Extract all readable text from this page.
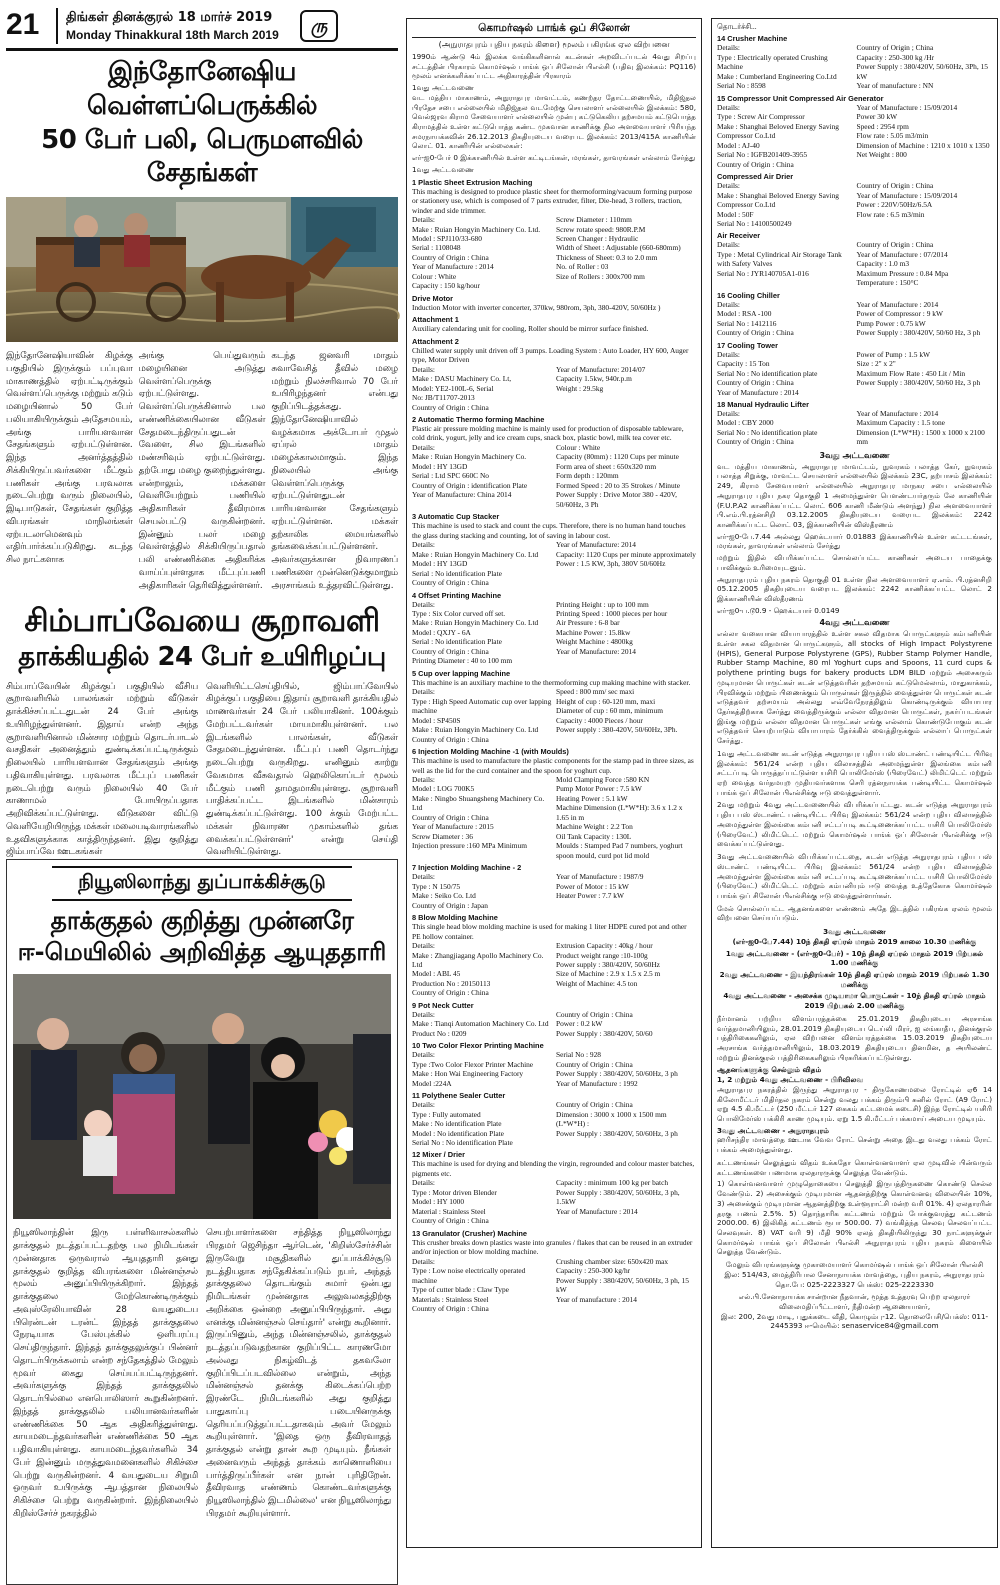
21 திங்கள் தினக்குரல் 18 மார்ச் 2019
Monday Thinakkural 18th March 2019	ரு
இந்தோனேஷிய வெள்ளப்பெருக்கில்
50 பேர் பலி, பெருமளவில் சேதங்கள்
இந்தோனேஷியாவின் கிழக்கு பகுதியில் இருக்கும் பப்புவா மாகாணத்தில் ஏற்பட்டிருக்கும் வெள்ளப்பெருக்கு மற்றும் கடும் மழையினால் 50 பேர் பலியாகியிருக்கும் அதேசமயம், அங்கு பாரியளவான சேதங்களும் ஏற்பட்டுள்ளன. இந்த அனர்த்தத்தில் சிக்கியிருப்பவர்களை மீட்கும் பணிகள் அங்கு பரவலாக நடைபெற்று வரும் நிலையில், இடிபாடுகள், சேதங்கள் குறித்த விபரங்கள் மாநிலங்கள் ஏற்படலாமெனவும் எதிர்பார்க்கப்படுகிறது. கடந்த சில நாட்களாக
அங்கு பெய்துவரும் மழையினை அடுத்து வெள்ளப்பெருக்கு ஏற்பட்டுள்ளது. வெள்ளப்பெருக்கினால் பல எண்ணிக்கையிலான வீடுகள் சேதமடைந்திருப்பதுடன் வேளை, சில இடங்களில் மண்சரிவும் ஏற்பட்டுள்ளது. தற்போது மழை குறைந்துள்ளது. என்றாலும், மக்களை வெளியேற்றும் பணியில் அதிகாரிகள் தீவிரமாக செயல்பட்டு வருகின்றனர். இன்னும் பலர் மழை வெள்ளத்தில் சிக்கியிருப்பதால் பலி எண்ணிக்கை அதிகரிக்க வாய்ப்புள்ளதாக மீட்புப்பணி அதிகாரிகள் தெரிவித்துள்ளனர்.
கடந்த ஜனவரி மாதம் சுவாவேசித் தீவில் மழை மற்றும் நிலச்சரிவால் 70 பேர் உயிரிழந்தனர் என்பது குறிப்பிடத்தக்கது. இந்தோனேஷியாவில் வழக்கமாக அக்டோபர் முதல் ஏப்ரல் மாதம் மழைக்காலமாகும். இந்த நிலையில் அங்கு வெள்ளப்பெருக்கு ஏற்பட்டுள்ளதுடன் பாரியளவான சேதங்களும் ஏற்பட்டுள்ளன. மக்கள் தற்காலிக மையங்களில் தங்கவைக்கப்பட்டுள்ளனர். அவர்களுக்கான நிவாரணப் பணிகளை முன்னெடுக்குமாறும் அரசாங்கம் உத்தரவிட்டுள்ளது.
சிம்பாப்வேயை சூறாவளி
தாக்கியதில் 24 பேர் உயிரிழப்பு
சிம்பாப்வேயின் கிழக்குப் பகுதியில் வீசிய சூறாவளியில் பாலங்கள் மற்றும் வீடுகள் தாக்கிச்சப்பட்டதுடன் 24 பேர் அங்கு உயிரிழந்துள்ளனர். இதாய் என்ற அந்த சூறாவளியினால் மின்சார மற்றும் தொடர்பாடல் வசதிகள் அனைத்தும் துண்டிக்கப்பட்டிருக்கும் நிலையில் பாரியளவான சேதங்களும் அங்கு பதிவாகியுள்ளது. பரவலாக மீட்புப் பணிகள் நடைபெற்று வரும் நிலையில் 40 பேர் காணாமல் போயிருப்பதாக அறிவிக்கப்பட்டுள்ளது. வீடுகளை விட்டு வெளியேறியிருந்த மக்கள் மலையடிவாரங்களில் உதவிகளுக்காக காத்திருந்தனர். இது குறித்து ஜிம்பாப்வே ஊடகங்கள்
வெளியிட்டசெய்தியில், ஜிம்பாப்வேயில் கிழக்குப் பகுதியை இதாய் சூறாவளி தாக்கியதில் மாணவர்கள் 24 பேர் பலியாகினர். 100க்கும் மேற்பட்டவர்கள் மாயமாகியுள்ளனர். பல இடங்களில் பாலங்கள், வீடுகள் சேதமடைந்துள்ளன. மீட்புப் பணி தொடர்ந்து நடைபெற்று வருகிறது. எனினும் காற்று வேகமாக வீசுவதால் ஹெலிகொப்டர் மூலம் மீட்கும் பணி தாமதமாகியுள்ளது. சூறாவளி பாதிக்கப்பட்ட இடங்களில் மின்சாரம் துண்டிக்கப்பட்டுள்ளது. 100 க்கும் மேற்பட்ட மக்கள் நிவாரண முகாம்களில் தங்க வைக்கப்பட்டுள்ளனர்' என்று செய்தி வெளியிட்டுள்ளது.
நியூஸிலாந்து துப்பாக்கிச்சூடு
தாக்குதல் குறித்து முன்னரே
ஈ-மெயிலில் அறிவித்த ஆயுததாரி
நியூஸிலாந்தின் இரு பள்ளிவாசல்களில் தாக்குதல் நடத்தப்பட்டதற்கு பல நிமிடங்கள் முன்னதாக ஒருவரால் ஆயுததாரி தனது தாக்குதல் குறித்த விபரங்களை மின்னஞ்சல் மூலம் அனுப்பியிருக்கிறார். இந்தத் தாக்குதலை மேற்கொண்டிருக்கும் அவுஸ்ரேலியாவின் 28 வயதுடைய பிரென்டன் டரன்ட் இந்தத் தாக்குதலை நேரடியாக பேஸ்புக்கில் ஒளிபரப்பு செய்திருந்தார். இந்தத் தாக்குதலுக்குப் பின்னர் தொடர்பிருக்கலாம் என்ற சந்தேகத்தில் மேலும் மூவர் கைது செய்யப்பட்டிருந்தனர். அவர்களுக்கு இந்தத் தாக்குதலில் தொடர்பில்லை எனபொலிஸார் கூறுகின்றனர். இந்தத் தாக்குதலில் பலியானவர்களின் எண்ணிக்கை 50 ஆக அதிகரித்துள்ளது. காயமடைந்தவர்களின் எண்ணிக்கை 50 ஆக பதிவாகியுள்ளது. காயமடைந்தவர்களில் 34 பேர் இன்னும் மருத்துவமனைகளில் சிகிச்சை பெற்று வருகின்றனர். 4 வயதுடைய சிறுமி ஒருவர் உயிருக்கு ஆபத்தான நிலையில் சிகிச்சை பெற்று வருகின்றார். இந்நிலையில் கிறிஸ்சேர்ச் நகரத்தில்
செயற்பாளர்களை சந்தித்த நியூஸிலாந்து பிரதமர் ஜெசிந்தா ஆர்டென், 'கிறிஸ்சேர்ச்சின் இருவேறு மசூதிகளில் துப்பாக்கிச்சூடு நடத்தியதாக சந்தேகிக்கப்படும் நபர், அந்தத் தாக்குதலை தொடங்கும் சுமார் ஒன்பது நிமிடங்கள் முன்னதாக அலுவலகத்திற்கு அறிக்கை ஒன்றை அனுப்பியிருந்தார். அது எனக்கு மின்னஞ்சல் செய்தார்' என்று கூறினார். இருப்பினும், அந்த மின்னஞ்சலில், தாக்குதல் நடத்தப்படுவதற்கான குறிப்பிட்ட காரணமோ அல்லது நிகழ்விடத் தகவலோ குறிப்பிடப்படவில்லை என்றும், அந்த மின்னஞ்சல் தனக்கு கிடைக்கப்பெற்ற இரண்டே நிமிடங்களில் அது குறித்து பாதுகாப்பு படையினருக்கு தெரியப்படுத்தப்பட்டதாகவும் அவர் மேலும் கூறியுள்ளார். 'இதை ஒரு தீவிரவாதத் தாக்குதல் என்று தான் கூற முடியும். நீங்கள் அனைவரும் அந்தத் தாக்கம் காணொளியை பார்த்திருப்பீர்கள் என நான் புரிதிறேன். தீவிரவாத எண்ணம் கொண்டவர்களுக்கு நியூஸிலாந்தில் இடமில்லை' என நியூஸிலாந்து பிரதமர் கூறியுள்ளார்.
கொமர்ஷல் பாங்க் ஒப் சிலோன்
(அநுராதபுரம் புதிய நகரம் கிளை) மூலம் பகிரங்க ஏல விற்பனை
1990ம் ஆண்டு 4ம் இலக்க வங்கிகளினால் கடன்கள் அறவிடப்படல் 4வது சிறப்பு சட்டத்தின் பிரகாரம் கொமர்ஷல் பாங்க் ஒப் சிலோன் பிஎல்சி (பதிவு இலக்கம்: PQ116) மூலம் எனக்களிக்கப்பட்ட அதிகாரத்தின் பிரகாரம்
1வது அட்டவணை
வட மத்திய மாகாணம், அநுராதபுர மாவட்டம், கணற்தர தோட்டணையில், மிதிஜ்தல பிரதேச சபை எல்லையில் மிதிஜ்தல வடமேற்கு செயலாளர் எல்லையில் இலக்கம்: 580, வெல்ஜரவ கிராம சேவையாளர் எல்லையில் முன்பு கட்டுகெலிய தற்சமயம் கட்டுபொத்த கிராமத்தில் உள்ள கட்டுபொத்த கண்ட முகவான காணிக்கு நில அளவையாளர் பிரியந்த சமரநாயக்கவின் 26.12.2013 திகதியுடைய வரைபட இலக்கம்: 2013/415A காணியின் லொட் 01. காணியின் எல்லைகள்:
எர்-ஐ0-பேர் 0 இக்காணியில் உள்ள கட்டிடங்கள், மரங்கள், தாவரங்கள் எல்லாம் சேர்த்து
1வது அட்டவணை
1 Plastic Sheet Extrusion Maching
This maching is designed to produce plastic sheet for thermoforming/vacuum forming purpose or stationery use, which is composed of 7 parts extruder, filter, Die-head, 3 rollers, traction, winder and side trimmer.
Details:
Make : Ruian Hongyin Machinery Co. Ltd.
Model : SPJ110/33-680
Serial : 1108048
Country of Origin : China
Year of Manufacture : 2014
Colour : White
Capacity : 150 kg/hour
Screw Diameter : 110mm
Screw rotate speed: 980R.P.M
Screen Changer : Hydraulic
Width of Sheet : Adjustable (660-680mm)
Thickness of Sheet: 0.3 to 2.0 mm
No. of Roller : 03
Size of Rollers : 300x700 mm
Drive Motor
Induction Motor with inverter concerter, 370kw, 980rom, 3ph, 380-420V, 50/60Hz )
Attachment 1
Auxiliary calendaring unit for cooling, Roller should be mirror surface finished.
Attachment 2
Chilled water supply unit driven off 3 pumps. Loading System : Auto Loader, HY 600, Auger type, Motor Driven
Details:
Make : DASU Machinery Co. Lt,
Model: YE2-100L-6, Serial
No: JB/T11707-2013
Country of Origin : China
Year of Manufacture: 2014/07
Capacity 1.5kw, 940r.p.m
Weight : 29.5kg
2 Automatic Thermo forming Machine
Plastic air pressure molding machine is mainly used for production of disposable tableware, cold drink, yogurt, jelly and ice cream cups, snack box, plastic bowl, milk tea cover etc.
Details:
Make : Ruian Hongyin Machinery Co.
Model : HY 13GD
Serial : Ltd SPC 660C No
Country of Origin : identification Plate
Year of Manufacture: China 2014
Colour : White
Capacity (80mm) : 1120 Cups per minute
Form area of sheet : 650x320 mm
Form depth : 120mm
Formed Speed : 20 to 35 Strokes / Minute
Power Supply : Drive Motor 380 - 420V, 50/60Hz, 3 Ph
3 Automatic Cup Stacker
This machine is used to stack and count the cups. Therefore, there is no human hand touches the glass during stacking and counting, lot of saving in labour cost.
Details:
Make : Ruian Hongyin Machinery Co. Ltd
Model : HY 13GD
Serial : No identification Plate
Country of Origin : China
Year of Manufacture: 2014
Capacity: 1120 Cups per minute approximately
Power : 1.5 KW, 3ph, 380V 50/60Hz
4 Offset Printing Machine
Details:
Type : Six Color curved off set.
Make : Ruian Hongyin Machinery Co. Ltd
Model : QXJY - 6A
Serial : No identification Plate
Country of Origin : China
Printing Diameter : 40 to 100 mm
Printing Height : up to 100 mm
Printing Speed : 1000 pieces per hour
Air Pressure : 6-8 bar
Machine Power : 15.8kw
Weight Machine : 4800kg
Year of Manufacture: 2014
5 Cup over lapping Machine
This machine is an auxiliary machine to the thermoforming cup making machine with stacker.
Details:
Type : High Speed Automatic cup over lapping machine
Model : SP450S
Make : Ruian Hongyin Machinery Co. Ltd
Country of Origin : China
Speed : 800 mm/ sec maxi
Height of cup : 60-120 mm, maxi
Diameter of cup : 60 mm, minimum
Capacity : 4000 Pieces / hour
Power supply : 380-420V, 50/60Hz, 3Ph.
6 Injection Molding Machine -1 (with Moulds)
This machine is used to manufacture the plastic components for the stamp pad in three sizes, as well as the lid for the curd container and the spoon for yoghurt cup.
Details:
Model : LOG 700K5
Make : Ningbo Shuangsheng Machinery Co. Ltd
Country of Origin : China
Year of Manufacture : 2015
Screw Diameter : 36
Injection pressure :160 MPa Minimum
Mold Clamping Force :580 KN
Pump Motor Power : 7.5 kW
Heating Power : 5.1 kW
Machine Dimension (L*W*H): 3.6 x 1.2 x 1.65 in m
Machine Weight : 2.2 Ton
Oil Tank Capacity : 130L
Moulds : Stamped Pad 7 numbers, yoghurt spoon mould, curd pot lid mold
7 Injection Molding Machine - 2
Details:
Type : N 150/75
Make : Seiko Co. Ltd
Country of Origin : Japan
Year of Manufacture : 1987/9
Power of Motor : 15 kW
Heater Power : 7.7 kW
8 Blow Molding Machine
This single head blow molding machine is used for making 1 liter HDPE cured pot and other PE hollow container.
Details:
Make : Zhangjiagang Apollo Machinery Co. Ltd
Model : ABL 45
Production No : 20150113
Country of Origin : China
Extrusion Capacity : 40kg / hour
Product weight range :10-100g
Power supply : 380/420V, 50/60Hz
Size of Machine : 2.9 x 1.5 x 2.5 m
Weight of Machine: 4.5 ton
9 Pot Neck Cutter
Details:
Make : Tianqi Automation Machinery Co. Ltd
Product No : 0209
Country of Origin : China
Power : 0.2 kW
Power Supply : 380/420V, 50/60
10 Two Color Flexor Printing Machine
Details:
Type :Two Color Flexor Printer Machine
Make : Hon Wai Engineering Factory
Model :224A
Serial No : 928
Country of Origin : China
Power Supply : 380/420V, 50/60Hz, 3 ph
Year of Manufacture : 1992
11 Polythene Sealer Cutter
Details:
Type : Fully automated
Make : No identification Plate
Model : No identification Plate
Serial No : No identification Plate
Country of Origin : China
Dimension : 3000 x 1000 x 1500 mm
(L*W*H) :
Power Supply : 380/420V, 50/60Hz, 3 ph
12 Mixer / Drier
This machine is used for drying and blending the virgin, regrounded and colour master batches, pigments etc.
Details:
Type : Motor driven Blender
Model : HY 1000
Material : Stainless Steel
Country of Origin : China
Capacity : minimum 100 kg per batch
Power Supply : 380/420V, 50/60Hz, 3 ph, 1.5kW
Year of Manufacture : 2014
13 Granulator (Crusher) Machine
This crusher breaks down plastics waste into granules / flakes that can be reused in an extruder and/or injection or blow molding machine.
Details:
Type : Low noise electrically operated machine
Type of cutter blade : Claw Type
Materials : Stainless Steel
Country of Origin : China
Crushing chamber size: 650x420 max
Capacity : 250-300 kg/hr
Power Supply : 380/420V, 50/60Hz, 3 ph, 15 kW
Year of manufacture : 2014
தொடர்ச்சி...
14 Crusher Machine
Details:
Type : Electrically operated Crushing Machine
Make : Cumberland Engineering Co.Ltd
Serial No : 8598
Country of Origin ; China
Capacity : 250-300 kg /Hr
Power Supply : 380/420V, 50/60Hz, 3Ph, 15 kW
Year of manufacture : NN
15 Compressor Unit Compressed Air Generator
Details:
Type : Screw Air Compressor
Make : Shanghai Beloved Energy Saving Compressor Co.Ltd
Model : AJ-40
Serial No : IGFB201409-3955
Country of Origin : China
Year of Manufacture : 15/09/2014
Power 30 kW
Speed : 2954 rpm
Flow rate : 5.05 m3/min
Dimension of Machine : 1210 x 1010 x 1350
Net Weight : 800
Compressed Air Drier
Details:
Make : Shanghai Beloved Energy Saving Compressor Co.Ltd
Model : 50F
Serial No : 14100500249
Country of Origin : China
Year of Manufacture : 15/09/2014
Power : 220V/50Hz/6.5A
Flow rate : 6.5 m3/min
Air Receiver
Details:
Type : Metal Cylindrical Air Storage Tank with Safety Valves
Serial No : JYR140705A1-016
Country of Origin : China
Year of Manufacture : 07/2014
Capacity : 1.0 m3
Maximum Pressure : 0.84 Mpa
Temperature : 150°C
16 Cooling Chiller
Details:
Model : RSA -100
Serial No : 1412116
Country of Origin : China
Year of Manufacture : 2014
Power of Compressor : 9 kW
Pump Power : 0.75 kW
Power Supply : 380/420V, 50/60 Hz, 3 ph
17 Cooling Tower
Details:
Capacity : 15 Ton
Serial No : No identification plate
Country of Origin : China
Year of Manufacture : 2014
Power of Pump : 1.5 kW
Size : 2" x 2"
Maximum Flow Rate : 450 Lit / Min
Power Supply : 380/420V, 50/60 Hz, 3 ph
18 Manual Hydraulic Lifter
Details:
Model : CBY 2000
Serial No : No identification plate
Country of Origin : China
Year of Manufacture : 2014
Maximum Capacity : 1.5 tone
Dimension (L*W*H) : 1500 x 1000 x 2100 mm
3வது அட்டவணை
வட மத்திய மாகாணம், அநுராதபுர மாவட்டம், நுவரகம் பலாத்த கேர், நுவரகம் பலாத்த சிறுக்கு, மாவட்ட செயலாளர் எல்லையில் இலக்கம் 23C, தற்பாசம் இலக்கம்: 249, கிராம சேவையாளர் எல்லையில் அநுராதபுர மாநகர சபை எல்லையில் அநுராதபுர புதிய நகர தொகுதி 1 அமைந்துள்ள பௌண்டயர்தரும் லே காணியின் (F.U.P.A2 காணிக்கப்பட்ட லொட் 606 காணி மீண்டும் அளந்து) நில அளவையாளர் பி.எம்.பி.ரத்னசிறி 03.12.2005 திகதியுடைய வரைபட இலக்கம்: 2242 காணிக்கப்பட்ட லொட் 03, இக்காணியின் விஸ்தீரணம்
எர்-ஐ0-பே.7.44 அல்லது ஹெக்டயார் 0.01883 இக்காணியில் உள்ள கட்டடங்கள், மரங்கள், தாவரங்கள் எல்லாம் சேர்த்து
மற்றும் இதில் விபரிக்கப்பட்ட சொல்லப்பட்ட காணிகள் அடைய பாதைக்கு பாவிக்கும் உரிமையுடனும்.
அநுராதபுரம் புதிய நகரம் தொகுதி 01 உள்ள நில அளவையாளர் ஏ.எம். பி.ரத்னசிறி 05.12.2005 திகதியுடைய வரைபட இலக்கம்: 2242 காணிக்கப்பட்ட லொட் 2 இக்காணியின் விஸ்தீரணம்
எர்-ஐ0-ப.டூ0.9 - ஹெக்டயார் 0.0149
4வது அட்டவணை
எல்லா வகையான வியாபாரத்தில் உள்ள சகல விதமாக பொருட்களும் கம்பனியின் உள்ள சகல விதமான பொருட்களும், all stocks of High Impact Polystyrene (HPIS), General Purpose Polystyrene (GPS), Rubber Stamp Polymer Handle, Rubber Stamp Machine, 80 ml Yoghurt cups and Spoons, 11 curd cups & polythene printing bugs for bakery products LDM BILD மற்றும் அசைகரும் முடியுமான பொருட்கள் கடன் எடுத்தவரின் தற்சமயம் கட்டுமெல்லாம், மாதுகாக்கம், பிரவிக்கும் மற்றும் பிணைக்கும் பொருள்கள் இருத்தில் வைத்துள்ள பொருட்கள் கடன் எடுத்தவர் தற்சமயம் அல்லது எவ்வேநேரத்திலும் கொண்டிருக்கும் வியாபார தேர்கத்திற்காக சேர்த்து வைத்திருக்கும் எல்லா விதமான பொருட்கள், நகர்ப்படங்கள் இங்கு மற்றும் எல்லா விதமான பொருட்கள் எங்கு எல்லாம் கொண்டுபோகும் கடன் எடுத்தவர் செயற்பாடும் வியாபாரம் தேர்க்கில் வைத்திருக்கும் எல்லாப் பொருட்கள் சேர்த்து.
1வது அட்டவணை கடன் எடுத்த அநுராதபுர புதிய பஸ் ஸ்டாண்ட் பண்டியிட்ட பிரிவு இலக்கம்: 561/24 என்ற புதிய விலாசத்தில் அமைந்துள்ள இலங்கை கம்பனி சட்டப்படி பொருத்தப்பட்டுள்ள யசிரி பொலிமேர்ஸ் (பிரைவேட்) லிமிட்டெட் மற்றும் ஏற் வைத்த வர்தமயுற முதியவர்களாக செரி ரத்னநாயக்க பண்டியிட்ட கொமர்ஷல் பாங்க் ஒப் சிலோன் பிஎல்சிக்கு ஈடு வைத்துள்ளார்.
2வது மற்றும் 4வது அட்டவணையில் விபரிக்கப்பட்டது. கடன் எடுத்த அநுராதபுரம் புதிய பஸ் ஸ்டாண்ட் பண்டியிட்ட பிரிவு இலக்கம்: 561/24 என்ற புதிய விலாசத்தில் அமைந்துள்ள இலங்கை கம்பனி சட்டப்படி கூட்டிணைக்கப்பட்ட யசிரி பொலிமேர்ஸ் (பிரைவேட்) லிமிட்டெட் மற்றும் கொமர்ஷல் பாங்க் ஒப் சிலோன் பிஎல்சிக்கு ஈடு வைக்கப்பட்டுள்ளது.
3வது அட்டவணையில் விபரிக்கப்பட்டதை, கடன் எடுத்த அநுராதபுரம் புதிய பஸ் ஸ்டாண்ட் பண்டியிட்ட பிரிவு இலக்கம்: 561/24 என்ற புதிய விலாசத்தில் அமைந்துள்ள இலங்கை கம்பனி சட்டப்படி கூட்டிணைக்கப்பட்ட யசிரி பொலிமேர்ஸ் (பிரைவேட்) லிமிட்டெட் மற்றும் கம்பனியும் ஈடு வைத்த உத்தேகோசு கொமர்ஷல் பாங்க் ஒப் சிலோன் பிஎல்சிக்கு ஈடு வைத்துள்ளார்கள்.
மேல் சொல்லப்பட்ட ஆதனங்களை எண்ணம் அதே இடத்தில் பகிரங்க ஏலம் மூலம் விற்பனை செய்யப்படும்.
3வது அட்டவணை
(எர்-ஐ0-பே7.44) 10ந் திகதி ஏப்ரல் மாதம் 2019 காலை 10.30 மணிக்கு
1வது அட்டவணை - (எர்-ஐ0-பேர்) - 10ந் திகதி ஏப்ரல் மாதம் 2019 பிற்பகல் 1.00 மணிக்கு
2வது அட்டவணை - இயந்திரங்கள் 10ந் திகதி ஏப்ரல் மாதம் 2019 பிற்பகல் 1.30 மணிக்கு
4வது அட்டவணை - அசைக்க முடியாமா பொருட்கள் - 10ந் திகதி ஏப்ரல் மாதம் 2019 பிற்பகல் 2.00 மணிக்கு
நீர்மானம் பற்றிய விளம்பரத்தக்கை 25.01.2019 திகதியுடைய அரசாங்க வர்த்தமானியிலும், 28.01.2019 திகதியுடைய டெய்லி மிரர், ஐ லங்காதீப, தினக்குரல் பத்திரிகைகளிலும், ஏல விற்பனை விளம்பரத்தக்கை 15.03.2019 திகதியுடைய அரசாங்க வர்த்தமானியிலும், 18.03.2019 திகதியுடைய தினமின, த அயிலண்ட் மற்றும் தினக்குரல் பத்திரிகைகளிலும் பிரசுரிக்கப்பட்டுள்ளது.
ஆதனங்களுக்கு செல்லும் விதம்
1, 2 மற்றும் 4வது அட்டவணை - பிரிவிலவ
அநுராதபுர நகரத்தில் இருந்து அநுராதபுர - திருகோணமலை ரோட்டில் ஏ6 14 கிலோமீட்டர் மிதிர்தல நகரம் சென்று வலது பக்கம் திரும்பி சுனில் ரோட் (A9 ரோட்) ஏறு 4.5 கி.மீட்டர் (250 மீட்டர் 127 கைகம் கட்டமைக் கடைசி) இந்த ரோட்டில் யசிரி பொலிமேர்ஸ் பக்கிரி காண முடியும். ஏறு 1.5 கி.மீட்டர் பக்கமாய் அடைய முடியும்.
3வது அட்டவணை - அநுராதபுரம்
ஹரிசந்திர மாவத்தை ஊடாக வேவ ரோட் சென்று அதை இடது வலது பக்கம் ரோட் பக்கம் அமைந்துள்ளது.
கட்டணங்கள் செலுத்தும் விதம் உக்கதோ கொள்வனவாளர் ஏல முடிவில் பின்வரும் கட்டணங்களை பணமாக ஏலதாரருக்கு செலுத்த வேண்டும்.
1) கொள்வனவாளர் முழுதொகையை செலுத்தி இருபத்திருகணை கொண்டு செல்ல வேண்டும். 2) அசைக்கும் முடியுமான ஆதனத்திற்கு கொள்வனவு விலையின் 10%, 3) அசைக்கும் முடியுமான ஆதனத்திற்கு உள்ளூராட்சி மன்ற வரி 01%. 4) ஏலதாரரின் தரகு பணம் 2.5%. 5) தொந்தாரிக கட்டணம் மற்றும் போக்குவரத்து கட்டணம் 2000.00. 6) இலிகித் கட்டணம் ரூபா 500.00. 7) வங்கித்ந்த செலவு செலவப்பட்ட செலவுகள். 8) VAT வரி 9) மீதி 90% ஏலத் திகதியிலிருந்து 30 நாட்களுக்குள் கொமர்ஷல் பாங்க் ஒப் சிலோன் பிஎல்சி அநுராதபுரம் புதிய நகரம் கிளையில் செலுத்த வேண்டும்.
மேலும் விபரங்களுக்கு முகாமையாளர் கொமர்ஷல் பாங்க் ஒப் சிலோன் பிஎல்சி இல: 514/43, மைத்திரிபால சேனாநாயக்க மாவத்தை, புதிய நகரம், அநுராதபுரம் தொ.பே: 025-2223327 பெக்ஸ்: 025-2223330
எல்.பி.சேனாநாயக்க சான்றான நீதவான், மூத்த உத்தரவு பெற்ற ஏலதாரர் விலைமதிப்பீட்டாளர், நீதிமன்ற ஆணையாளர்,
இல: 200, 2வது மாடி, புதுக்கடை வீதி, கொழும்பு-12. தொலைபேசி/பெக்ஸ்: 011-2445393 ஈ-மெயில்: senaservice84@gmail.com
